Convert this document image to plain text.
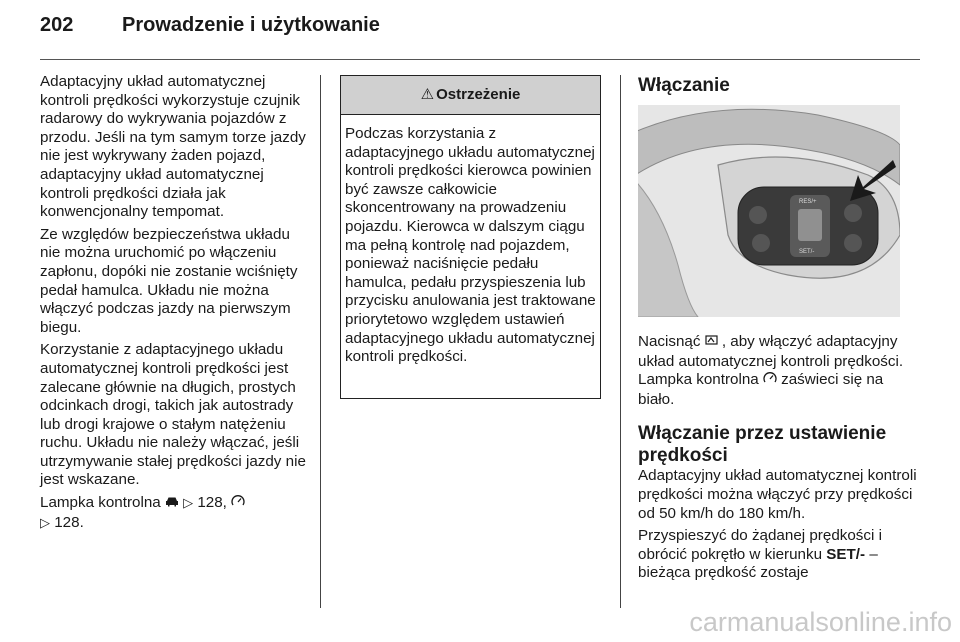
202 Prowadzenie i użytkowanie

Adaptacyjny układ automatycznej kontroli prędkości wykorzystuje czujnik radarowy do wykrywania pojazdów z przodu. Jeśli na tym samym torze jazdy nie jest wykrywany żaden pojazd, adaptacyjny układ automatycznej kontroli prędkości działa jak konwencjonalny tempomat.

Ze względów bezpieczeństwa układu nie można uruchomić po włączeniu zapłonu, dopóki nie zostanie wciśnięty pedał hamulca. Układu nie można włączyć podczas jazdy na pierwszym biegu.

Korzystanie z adaptacyjnego układu automatycznej kontroli prędkości jest zalecane głównie na długich, prostych odcinkach drogi, takich jak autostrady lub drogi krajowe o stałym natężeniu ruchu. Układu nie należy włączać, jeśli utrzymywanie stałej prędkości jazdy nie jest wskazane.

Lampka kontrolna ▷ 128,
▷ 128.

⚠ Ostrzeżenie
Podczas korzystania z adaptacyjnego układu automatycznej kontroli prędkości kierowca powinien być zawsze całkowicie skoncentrowany na prowadzeniu pojazdu. Kierowca w dalszym ciągu ma pełną kontrolę nad pojazdem, ponieważ naciśnięcie pedału hamulca, pedału przyspieszenia lub przycisku anulowania jest traktowane priorytetowo względem ustawień adaptacyjnego układu automatycznej kontroli prędkości.
Włączanie
RES/+
SET/-

Nacisnąć , aby włączyć adaptacyjny układ automatycznej kontroli prędkości. Lampka kontrolna zaświeci się na biało.

Włączanie przez ustawienie prędkości

Adaptacyjny układ automatycznej kontroli prędkości można włączyć przy prędkości od 50 km/h do 180 km/h.

Przyspieszyć do żądanej prędkości i obrócić pokrętło w kierunku SET/- – bieżąca prędkość zostaje

carmanualsonline.info
